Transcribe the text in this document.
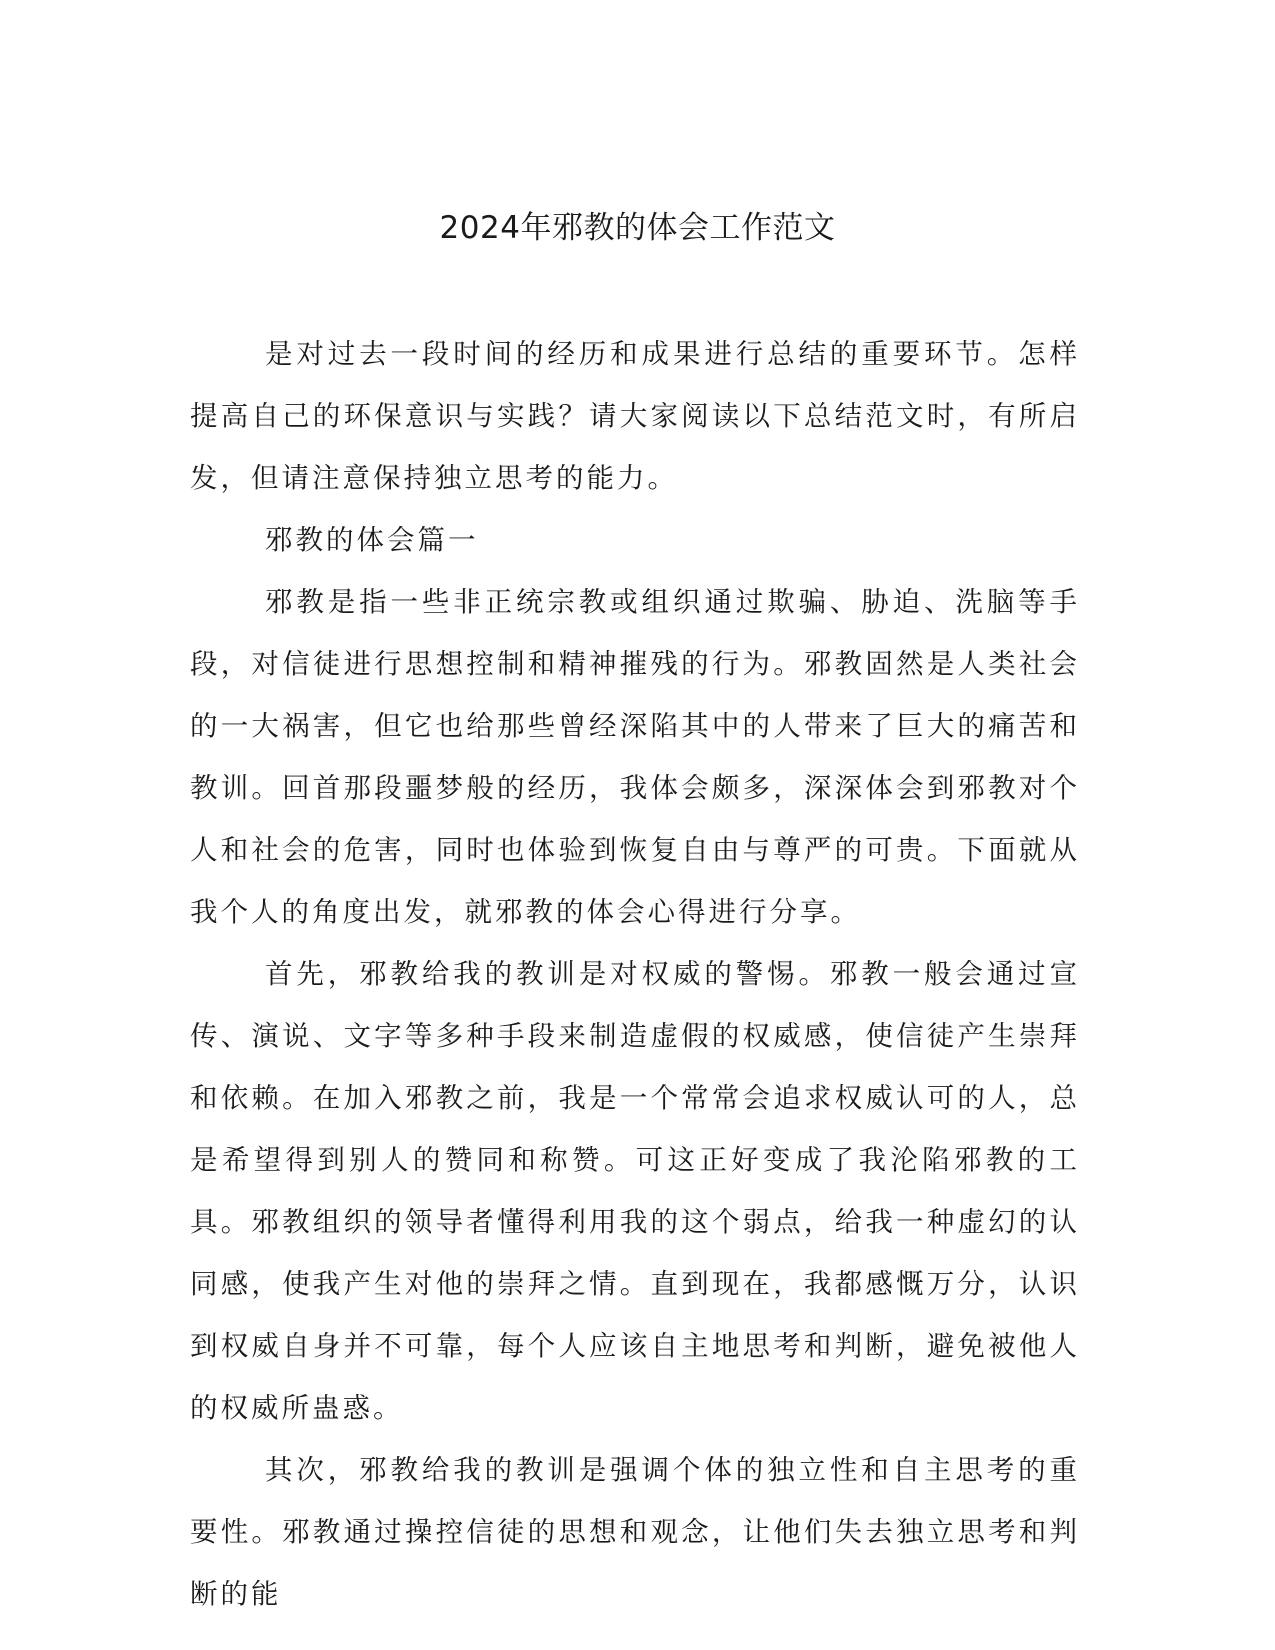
2024年邪教的体会工作范文

是对过去一段时间的经历和成果进行总结的重要环节。怎样提高自己的环保意识与实践？请大家阅读以下总结范文时，有所启发，但请注意保持独立思考的能力。

邪教的体会篇一

邪教是指一些非正统宗教或组织通过欺骗、胁迫、洗脑等手段，对信徒进行思想控制和精神摧残的行为。邪教固然是人类社会的一大祸害，但它也给那些曾经深陷其中的人带来了巨大的痛苦和教训。回首那段噩梦般的经历，我体会颇多，深深体会到邪教对个人和社会的危害，同时也体验到恢复自由与尊严的可贵。下面就从我个人的角度出发，就邪教的体会心得进行分享。

首先，邪教给我的教训是对权威的警惕。邪教一般会通过宣传、演说、文字等多种手段来制造虚假的权威感，使信徒产生崇拜和依赖。在加入邪教之前，我是一个常常会追求权威认可的人，总是希望得到别人的赞同和称赞。可这正好变成了我沦陷邪教的工具。邪教组织的领导者懂得利用我的这个弱点，给我一种虚幻的认同感，使我产生对他的崇拜之情。直到现在，我都感慨万分，认识到权威自身并不可靠，每个人应该自主地思考和判断，避免被他人的权威所蛊惑。

其次，邪教给我的教训是强调个体的独立性和自主思考的重要性。邪教通过操控信徒的思想和观念，让他们失去独立思考和判断的能
